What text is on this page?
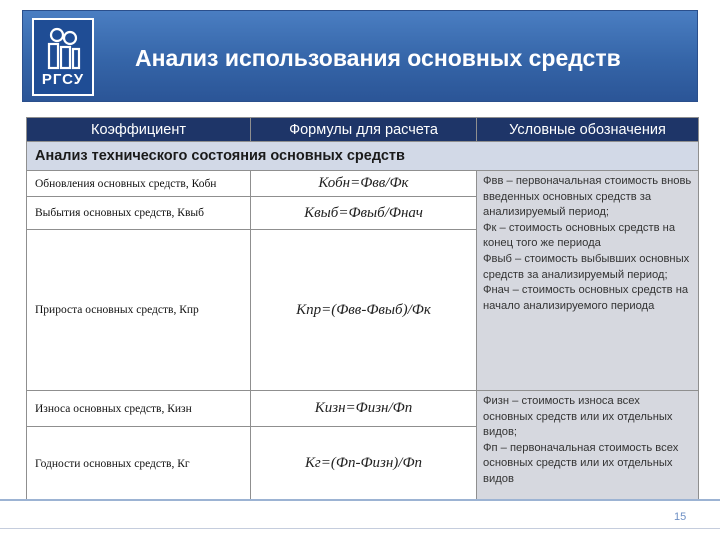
Анализ использования основных средств
РГСУ
Коэффициент	Формулы для расчета	Условные обозначения
Анализ технического состояния основных средств		
Обновления основных средств, Кобн	Кобн=Фвв/Фк	Фвв – первоначальная стоимость вновь введенных основных средств за анализируемый период;

Фк – стоимость основных средств на конец того же периода

Фвыб – стоимость выбывших основных средств за анализируемый период;

Фнач – стоимость основных средств на начало анализируемого периода

Выбытия основных средств, Квыб	Квыб=Фвыб/Фнач	
Прироста основных средств, Кпр	Кпр=(Фвв-Фвыб)/Фк	
Износа основных средств, Кизн	Кизн=Физн/Фп	Физн – стоимость износа всех основных средств или их отдельных видов;

Фп – первоначальная стоимость всех основных средств или их отдельных видов

Годности основных средств, Кг	Кг=(Фп-Физн)/Фп	
15
